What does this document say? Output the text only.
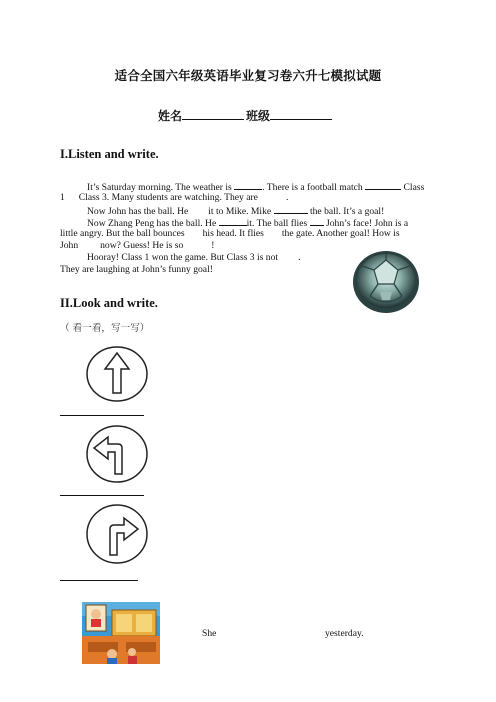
适合全国六年级英语毕业复习卷六升七模拟试题
姓名	班级
I.Listen and write.
It’s Saturday morning. The weather is	. There is a football match	Class
1 Class 3. Many students are watching. They are	.
Now John has the ball. He it to Mike. Mike	the ball. It’s a goal!
Now Zhang Peng has the ball. He	it. The ball flies John’s face! John is a
little angry. But the ball bounces his head. It flies the gate. Another goal! How is
John now? Guess! He is so	!
Hooray! Class 1 won the game. But Class 3 is not .
They are laughing at John’s funny goal!
II.Look and write.
（ 看一看，写一写）
She	yesterday.
